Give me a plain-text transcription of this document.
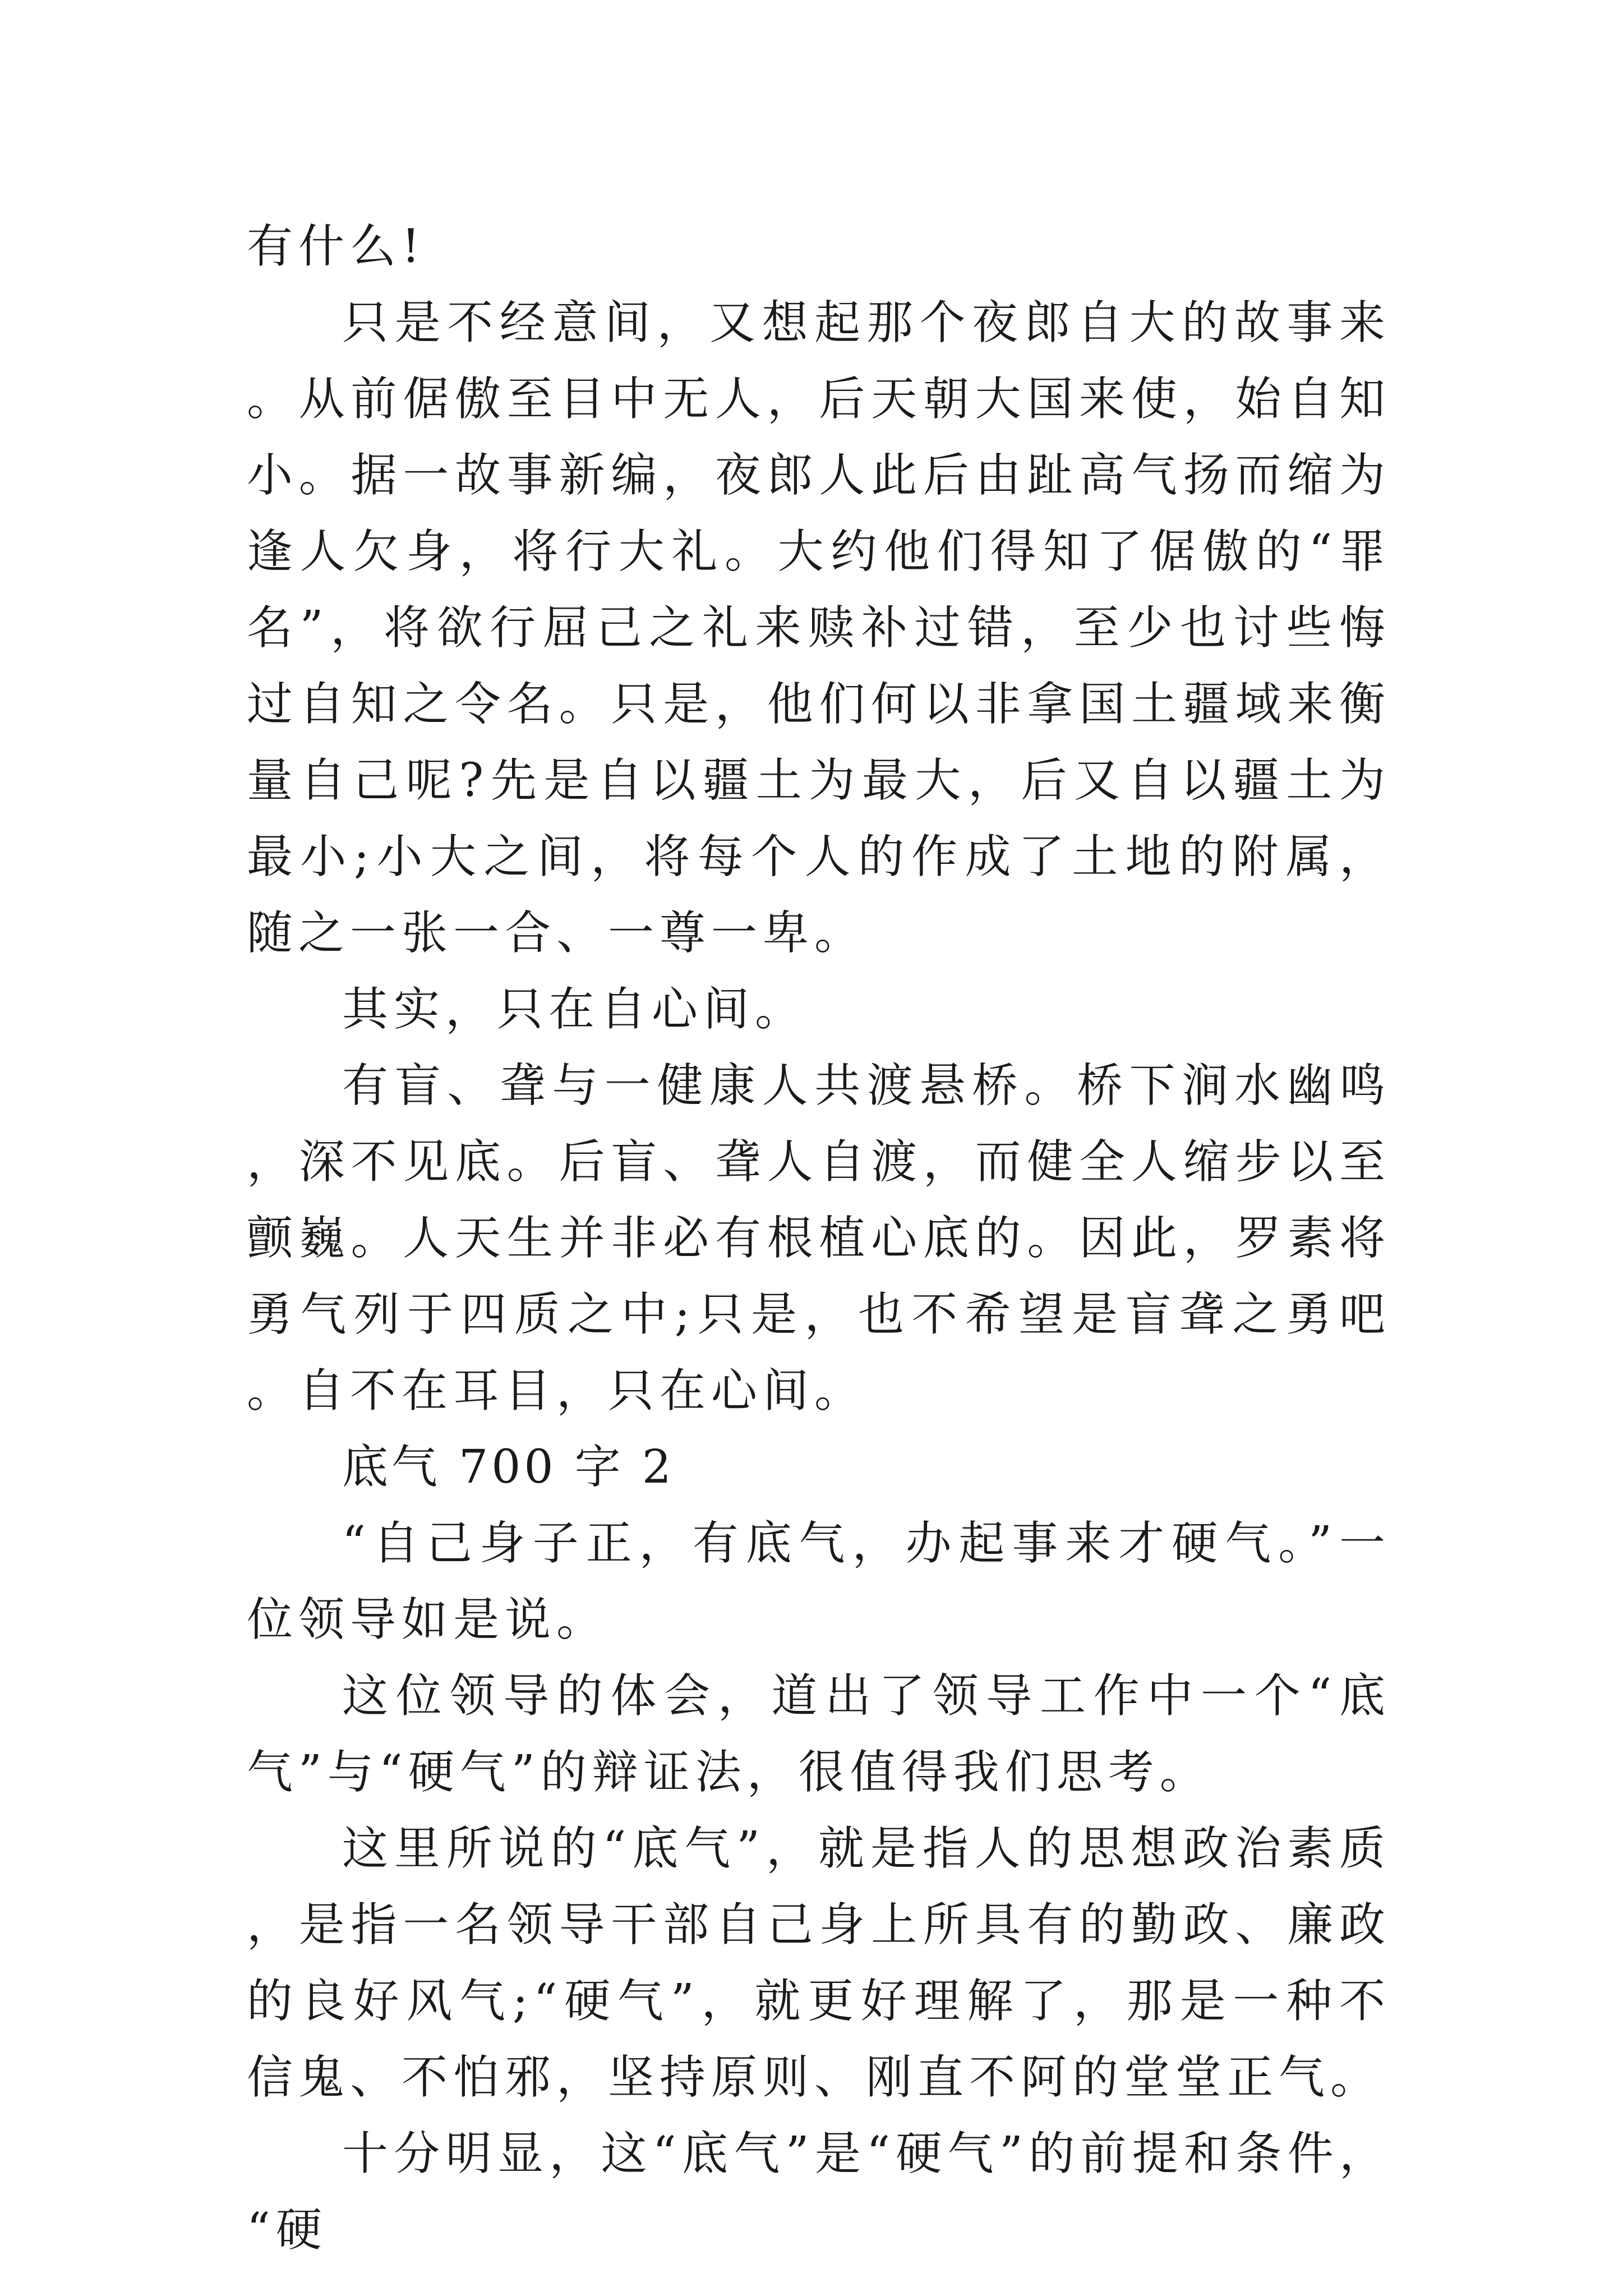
有什么!

只是不经意间，又想起那个夜郎自大的故事来。从前倨傲至目中无人，后天朝大国来使，始自知小。据一故事新编，夜郎人此后由趾高气扬而缩为逢人欠身，将行大礼。大约他们得知了倨傲的“罪名”，将欲行屈己之礼来赎补过错，至少也讨些悔过自知之令名。只是，他们何以非拿国土疆域来衡量自己呢?先是自以疆土为最大，后又自以疆土为最小;小大之间，将每个人的作成了土地的附属，随之一张一合、一尊一卑。

其实，只在自心间。

有盲、聋与一健康人共渡悬桥。桥下涧水幽鸣，深不见底。后盲、聋人自渡，而健全人缩步以至颤巍。人天生并非必有根植心底的。因此，罗素将勇气列于四质之中;只是，也不希望是盲聋之勇吧。自不在耳目，只在心间。

底气 700 字 2

“自己身子正，有底气，办起事来才硬气。”一位领导如是说。

这位领导的体会，道出了领导工作中一个“底气”与“硬气”的辩证法，很值得我们思考。

这里所说的“底气”，就是指人的思想政治素质，是指一名领导干部自己身上所具有的勤政、廉政的良好风气;“硬气”，就更好理解了，那是一种不信鬼、不怕邪，坚持原则、刚直不阿的堂堂正气。

十分明显，这“底气”是“硬气”的前提和条件，“硬
